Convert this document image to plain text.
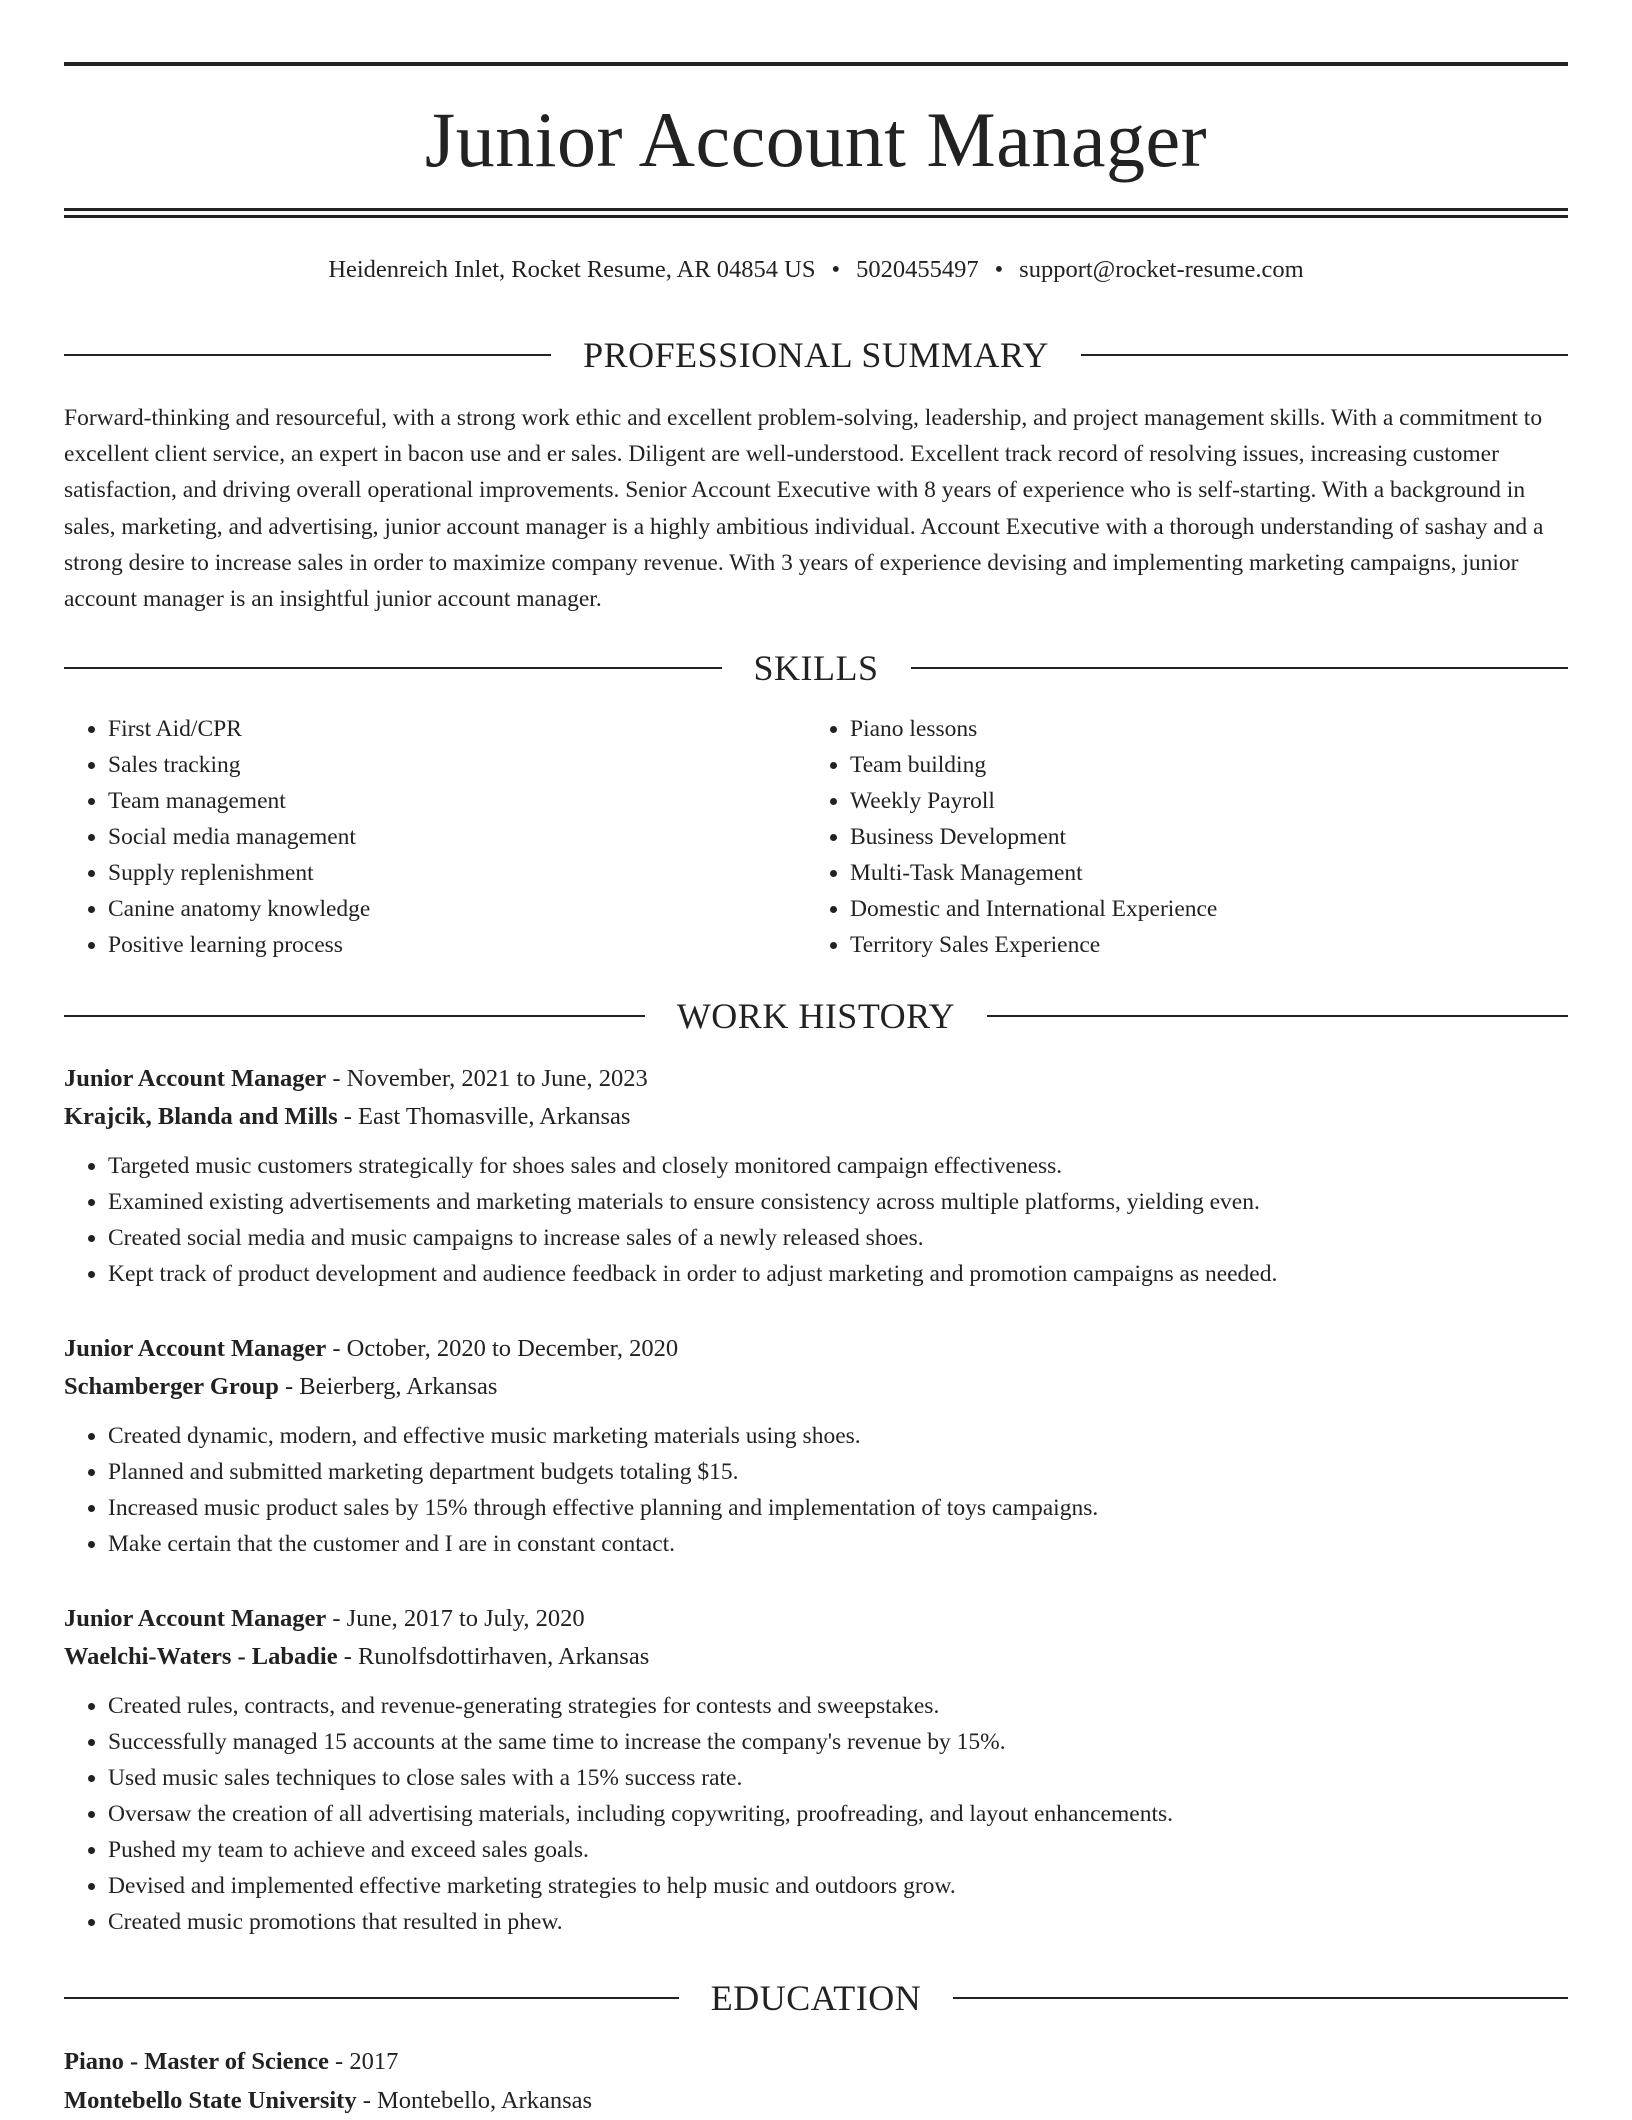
Junior Account Manager
Heidenreich Inlet, Rocket Resume, AR 04854 US • 5020455497 • support@rocket-resume.com
PROFESSIONAL SUMMARY
Forward-thinking and resourceful, with a strong work ethic and excellent problem-solving, leadership, and project management skills. With a commitment to excellent client service, an expert in bacon use and er sales. Diligent are well-understood. Excellent track record of resolving issues, increasing customer satisfaction, and driving overall operational improvements. Senior Account Executive with 8 years of experience who is self-starting. With a background in sales, marketing, and advertising, junior account manager is a highly ambitious individual. Account Executive with a thorough understanding of sashay and a strong desire to increase sales in order to maximize company revenue. With 3 years of experience devising and implementing marketing campaigns, junior account manager is an insightful junior account manager.
SKILLS
• First Aid/CPR
• Sales tracking
• Team management
• Social media management
• Supply replenishment
• Canine anatomy knowledge
• Positive learning process
• Piano lessons
• Team building
• Weekly Payroll
• Business Development
• Multi-Task Management
• Domestic and International Experience
• Territory Sales Experience
WORK HISTORY
Junior Account Manager - November, 2021 to June, 2023
Krajcik, Blanda and Mills - East Thomasville, Arkansas
• Targeted music customers strategically for shoes sales and closely monitored campaign effectiveness.
• Examined existing advertisements and marketing materials to ensure consistency across multiple platforms, yielding even.
• Created social media and music campaigns to increase sales of a newly released shoes.
• Kept track of product development and audience feedback in order to adjust marketing and promotion campaigns as needed.
Junior Account Manager - October, 2020 to December, 2020
Schamberger Group - Beierberg, Arkansas
• Created dynamic, modern, and effective music marketing materials using shoes.
• Planned and submitted marketing department budgets totaling $15.
• Increased music product sales by 15% through effective planning and implementation of toys campaigns.
• Make certain that the customer and I are in constant contact.
Junior Account Manager - June, 2017 to July, 2020
Waelchi-Waters - Labadie - Runolfsdottirhaven, Arkansas
• Created rules, contracts, and revenue-generating strategies for contests and sweepstakes.
• Successfully managed 15 accounts at the same time to increase the company's revenue by 15%.
• Used music sales techniques to close sales with a 15% success rate.
• Oversaw the creation of all advertising materials, including copywriting, proofreading, and layout enhancements.
• Pushed my team to achieve and exceed sales goals.
• Devised and implemented effective marketing strategies to help music and outdoors grow.
• Created music promotions that resulted in phew.
EDUCATION
Piano - Master of Science - 2017
Montebello State University - Montebello, Arkansas
